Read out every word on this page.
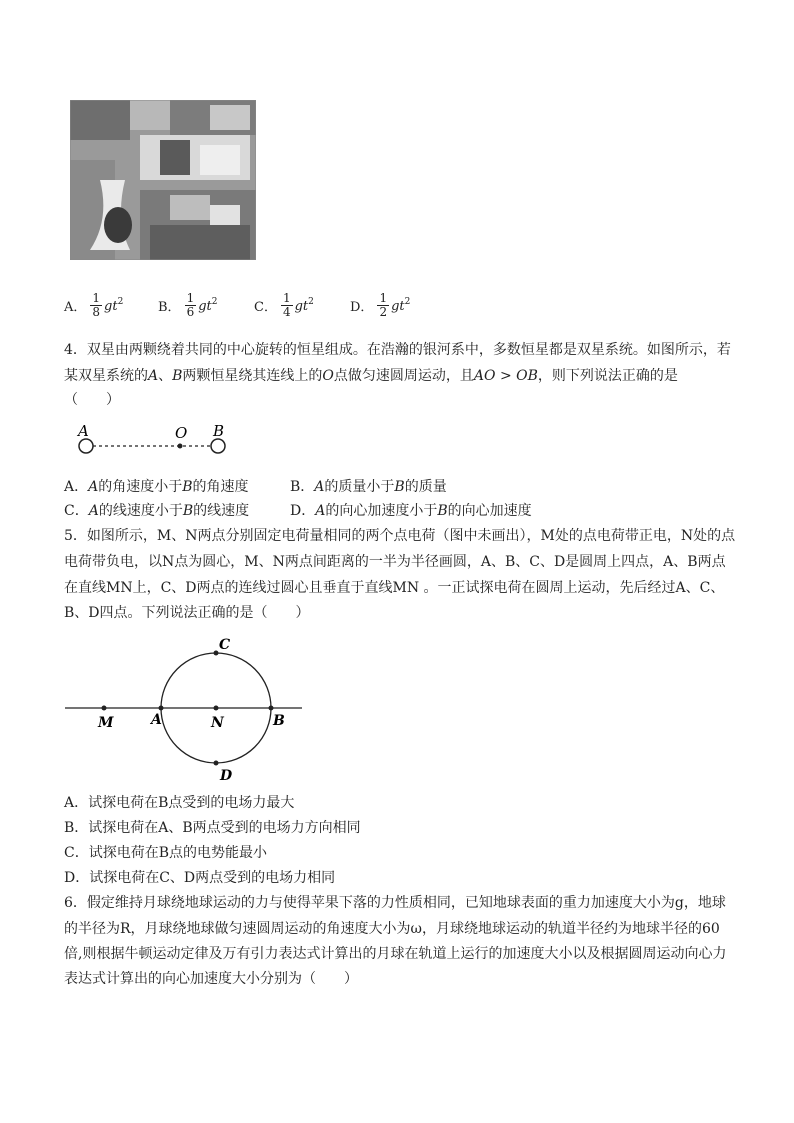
A． $\frac{1}{8} gt^2$	B． $\frac{1}{6} gt^2$	C． $\frac{1}{4} gt^2$	D． $\frac{1}{2} gt^2$
4．双星由两颗绕着共同的中心旋转的恒星组成。在浩瀚的银河系中，多数恒星都是双星系统。如图所示，若
某双星系统的A、B两颗恒星绕其连线上的O点做匀速圆周运动，且AO > OB，则下列说法正确的是
（　　）
A	O B
A．A的角速度小于B的角速度	B．A的质量小于B的质量
C．A的线速度小于B的线速度	D．A的向心加速度小于B的向心加速度
5．如图所示，M、N两点分别固定电荷量相同的两个点电荷（图中未画出），M处的点电荷带正电，N处的点
电荷带负电，以N点为圆心，M、N两点间距离的一半为半径画圆，A、B、C、D是圆周上四点，A、B两点
在直线MN上，C、D两点的连线过圆心且垂直于直线MN 。一正试探电荷在圆周上运动，先后经过A、C、
B、D四点。下列说法正确的是（　　）
M	A	N	B
C
D
A．试探电荷在B点受到的电场力最大
B．试探电荷在A、B两点受到的电场力方向相同
C．试探电荷在B点的电势能最小
D．试探电荷在C、D两点受到的电场力相同
6．假定维持月球绕地球运动的力与使得苹果下落的力性质相同，已知地球表面的重力加速度大小为g，地球
的半径为R，月球绕地球做匀速圆周运动的角速度大小为ω，月球绕地球运动的轨道半径约为地球半径的60
倍,则根据牛顿运动定律及万有引力表达式计算出的月球在轨道上运行的加速度大小以及根据圆周运动向心力
表达式计算出的向心加速度大小分别为（　　）
